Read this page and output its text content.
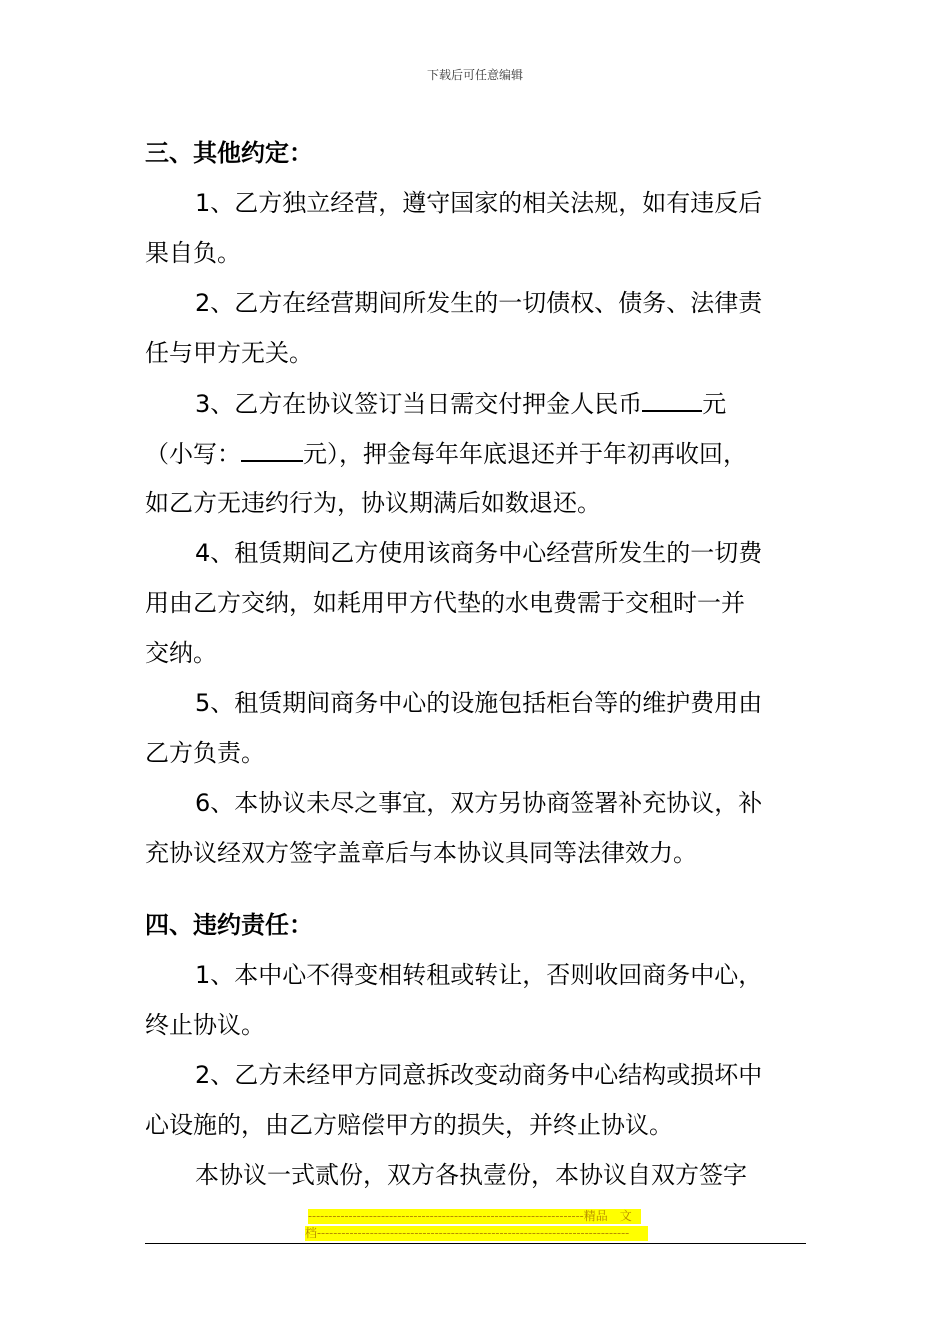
下载后可任意编辑
三、其他约定：
1、乙方独立经营，遵守国家的相关法规，如有违反后
果自负。
2、乙方在经营期间所发生的一切债权、债务、法律责
任与甲方无关。
3、乙方在协议签订当日需交付押金人民币	元
（小写：	元），押金每年年底退还并于年初再收回，
如乙方无违约行为，协议期满后如数退还。
4、租赁期间乙方使用该商务中心经营所发生的一切费
用由乙方交纳，如耗用甲方代垫的水电费需于交租时一并
交纳。
5、租赁期间商务中心的设施包括柜台等的维护费用由
乙方负责。
6、本协议未尽之事宜，双方另协商签署补充协议，补
充协议经双方签字盖章后与本协议具同等法律效力。
四、违约责任：
1、本中心不得变相转租或转让，否则收回商务中心，
终止协议。
2、乙方未经甲方同意拆改变动商务中心结构或损坏中
心设施的，由乙方赔偿甲方的损失，并终止协议。
本协议一式贰份，双方各执壹份，本协议自双方签字
--------------------------------------------------------------------精品　文
档-----------------------------------------------------------------------------
